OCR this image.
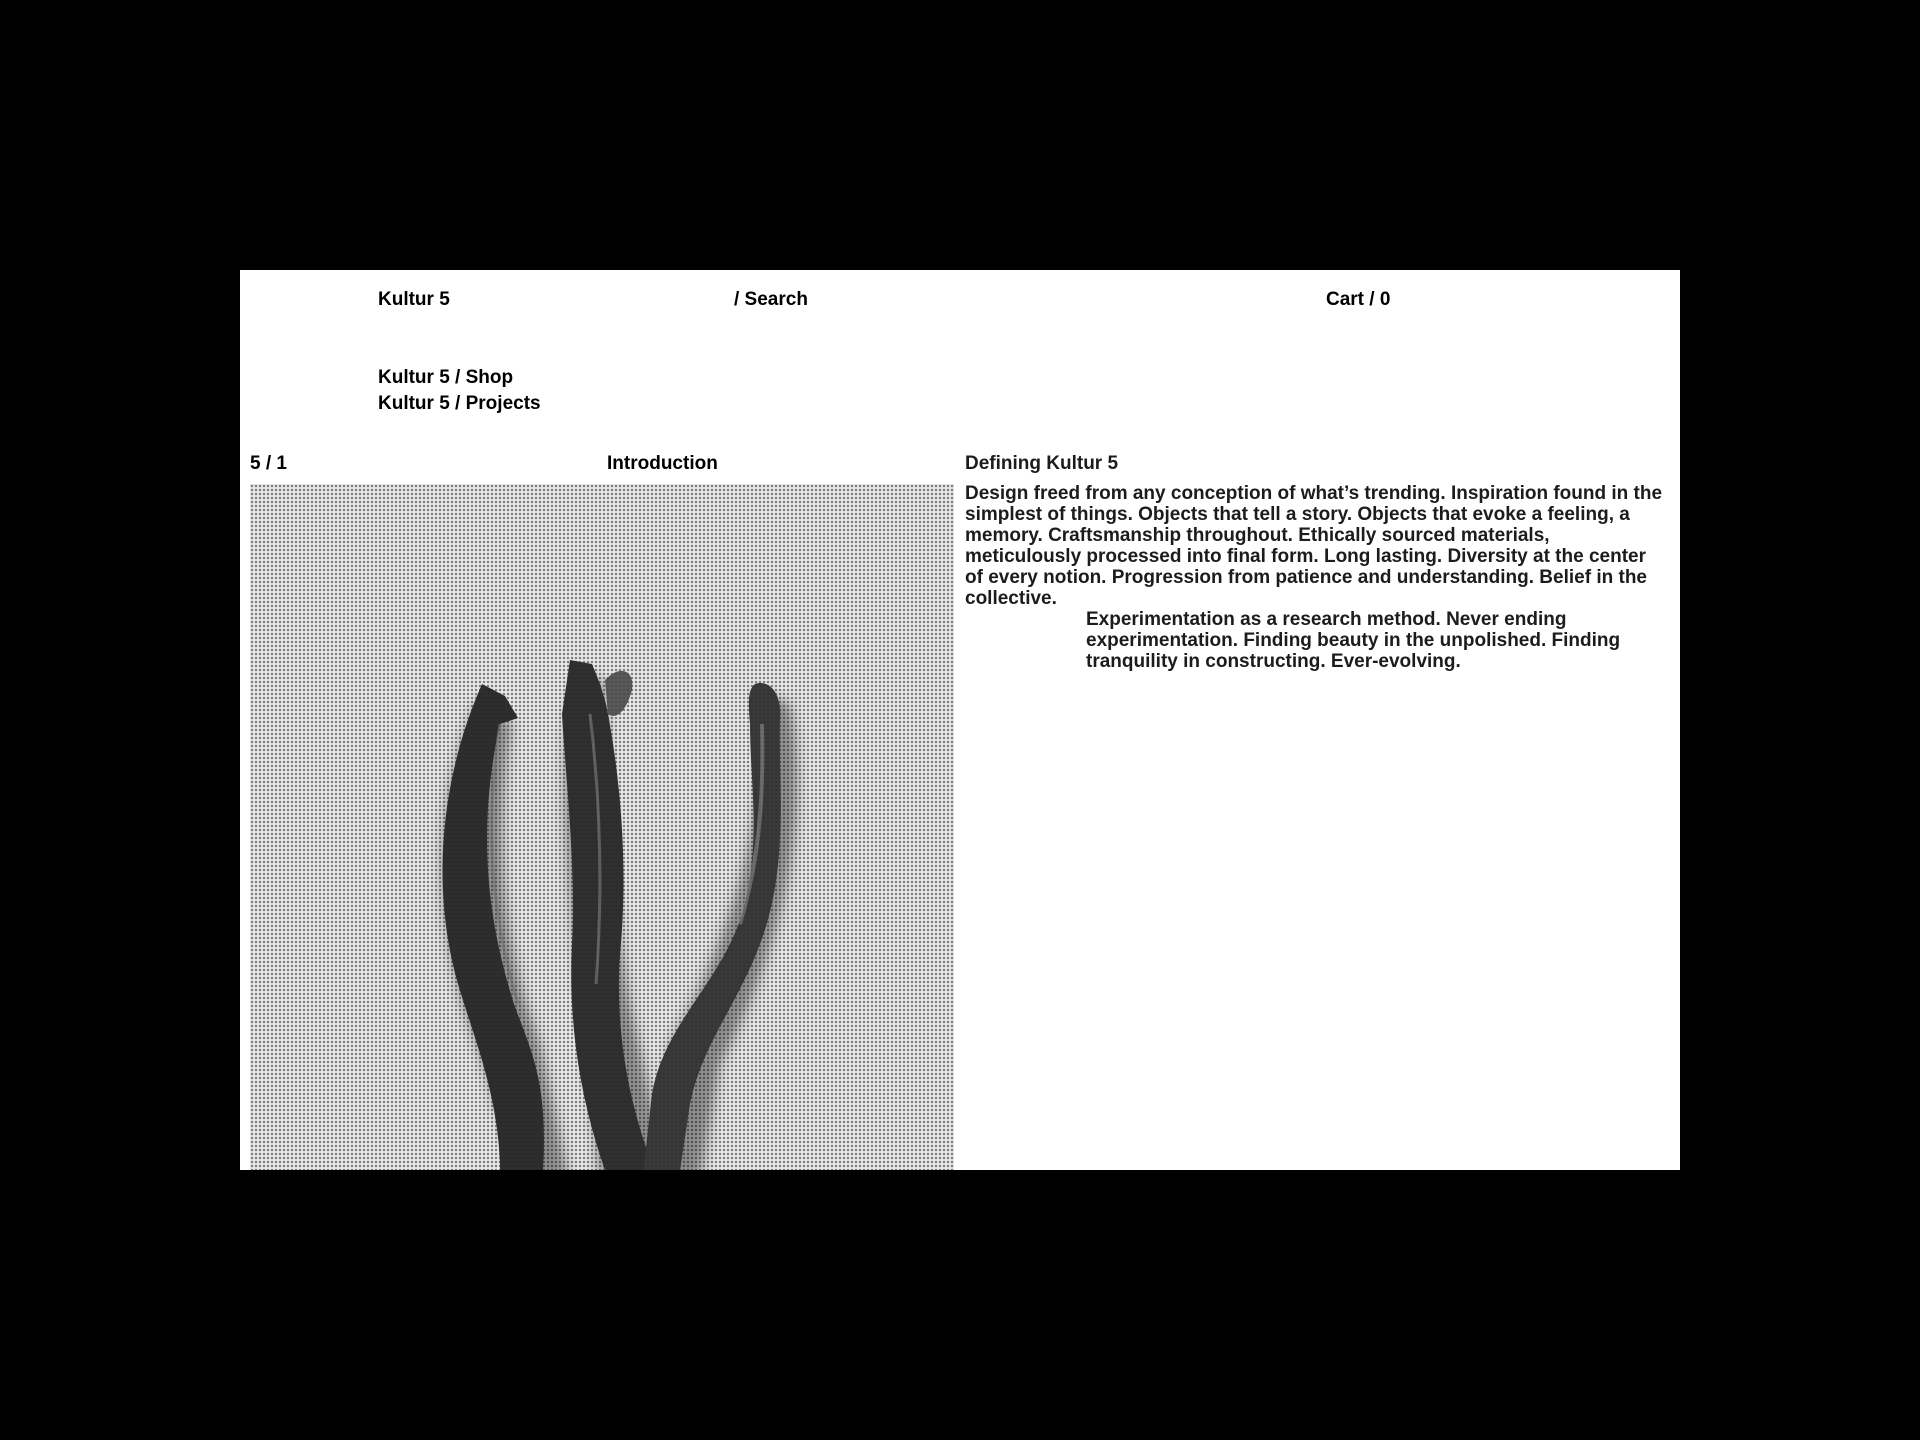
Kultur 5	/ Search	Cart / 0
Kultur 5 / Shop
Kultur 5 / Projects
5 / 1	Introduction	Defining Kultur 5
Design freed from any conception of what’s trending. Inspiration found in the simplest of things. Objects that tell a story. Objects that evoke a feeling, a memory. Craftsmanship throughout. Ethically sourced materials, meticulously processed into final form. Long lasting. Diversity at the center of every notion. Progression from patience and understanding. Belief in the collective.
Experimentation as a research method. Never ending experimentation. Finding beauty in the unpolished. Finding tranquility in constructing. Ever-evolving.
